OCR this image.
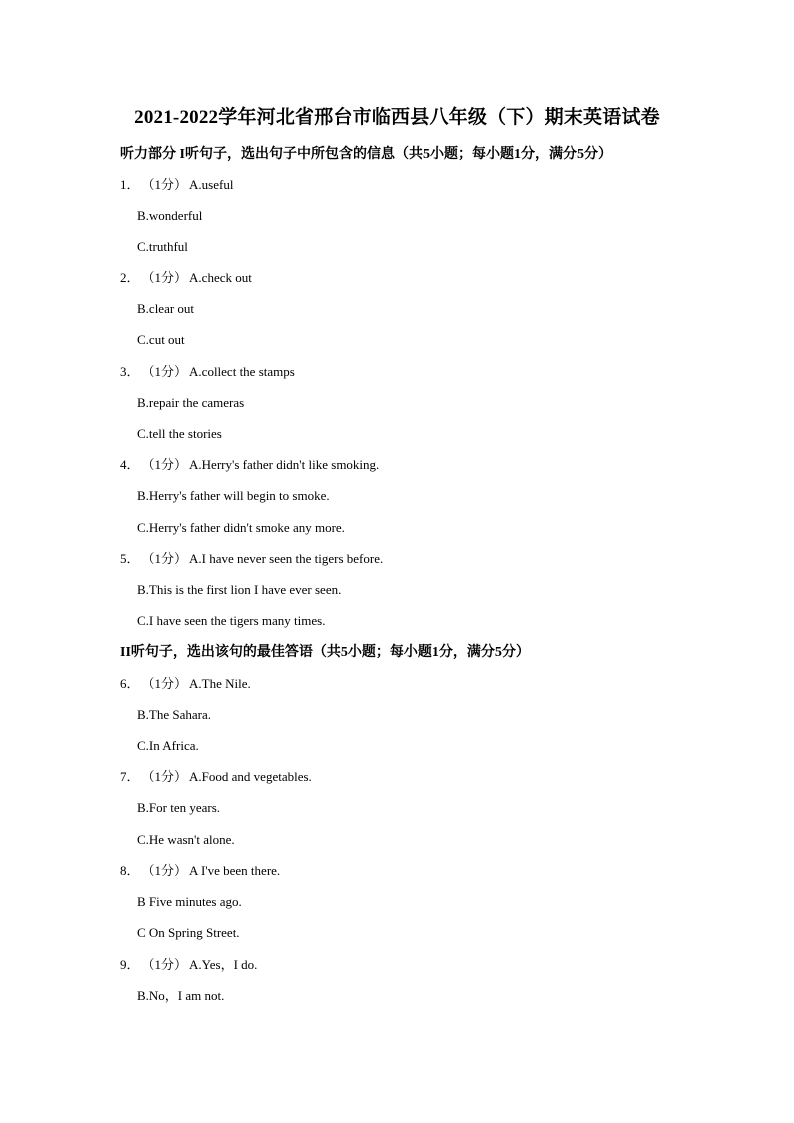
2021-2022学年河北省邢台市临西县八年级（下）期末英语试卷
听力部分 I听句子，选出句子中所包含的信息（共5小题；每小题1分，满分5分）
1． （1分） A.useful
B.wonderful
C.truthful
2． （1分） A.check out
B.clear out
C.cut out
3． （1分） A.collect the stamps
B.repair the cameras
C.tell the stories
4． （1分） A.Herry's father didn't like smoking.
B.Herry's father will begin to smoke.
C.Herry's father didn't smoke any more.
5． （1分） A.I have never seen the tigers before.
B.This is the first lion I have ever seen.
C.I have seen the tigers many times.
II听句子，选出该句的最佳答语（共5小题；每小题1分，满分5分）
6． （1分） A.The Nile.
B.The Sahara.
C.In Africa.
7． （1分） A.Food and vegetables.
B.For ten years.
C.He wasn't alone.
8． （1分） A I've been there.
B Five minutes ago.
C On Spring Street.
9． （1分） A.Yes，I do.
B.No，I am not.
